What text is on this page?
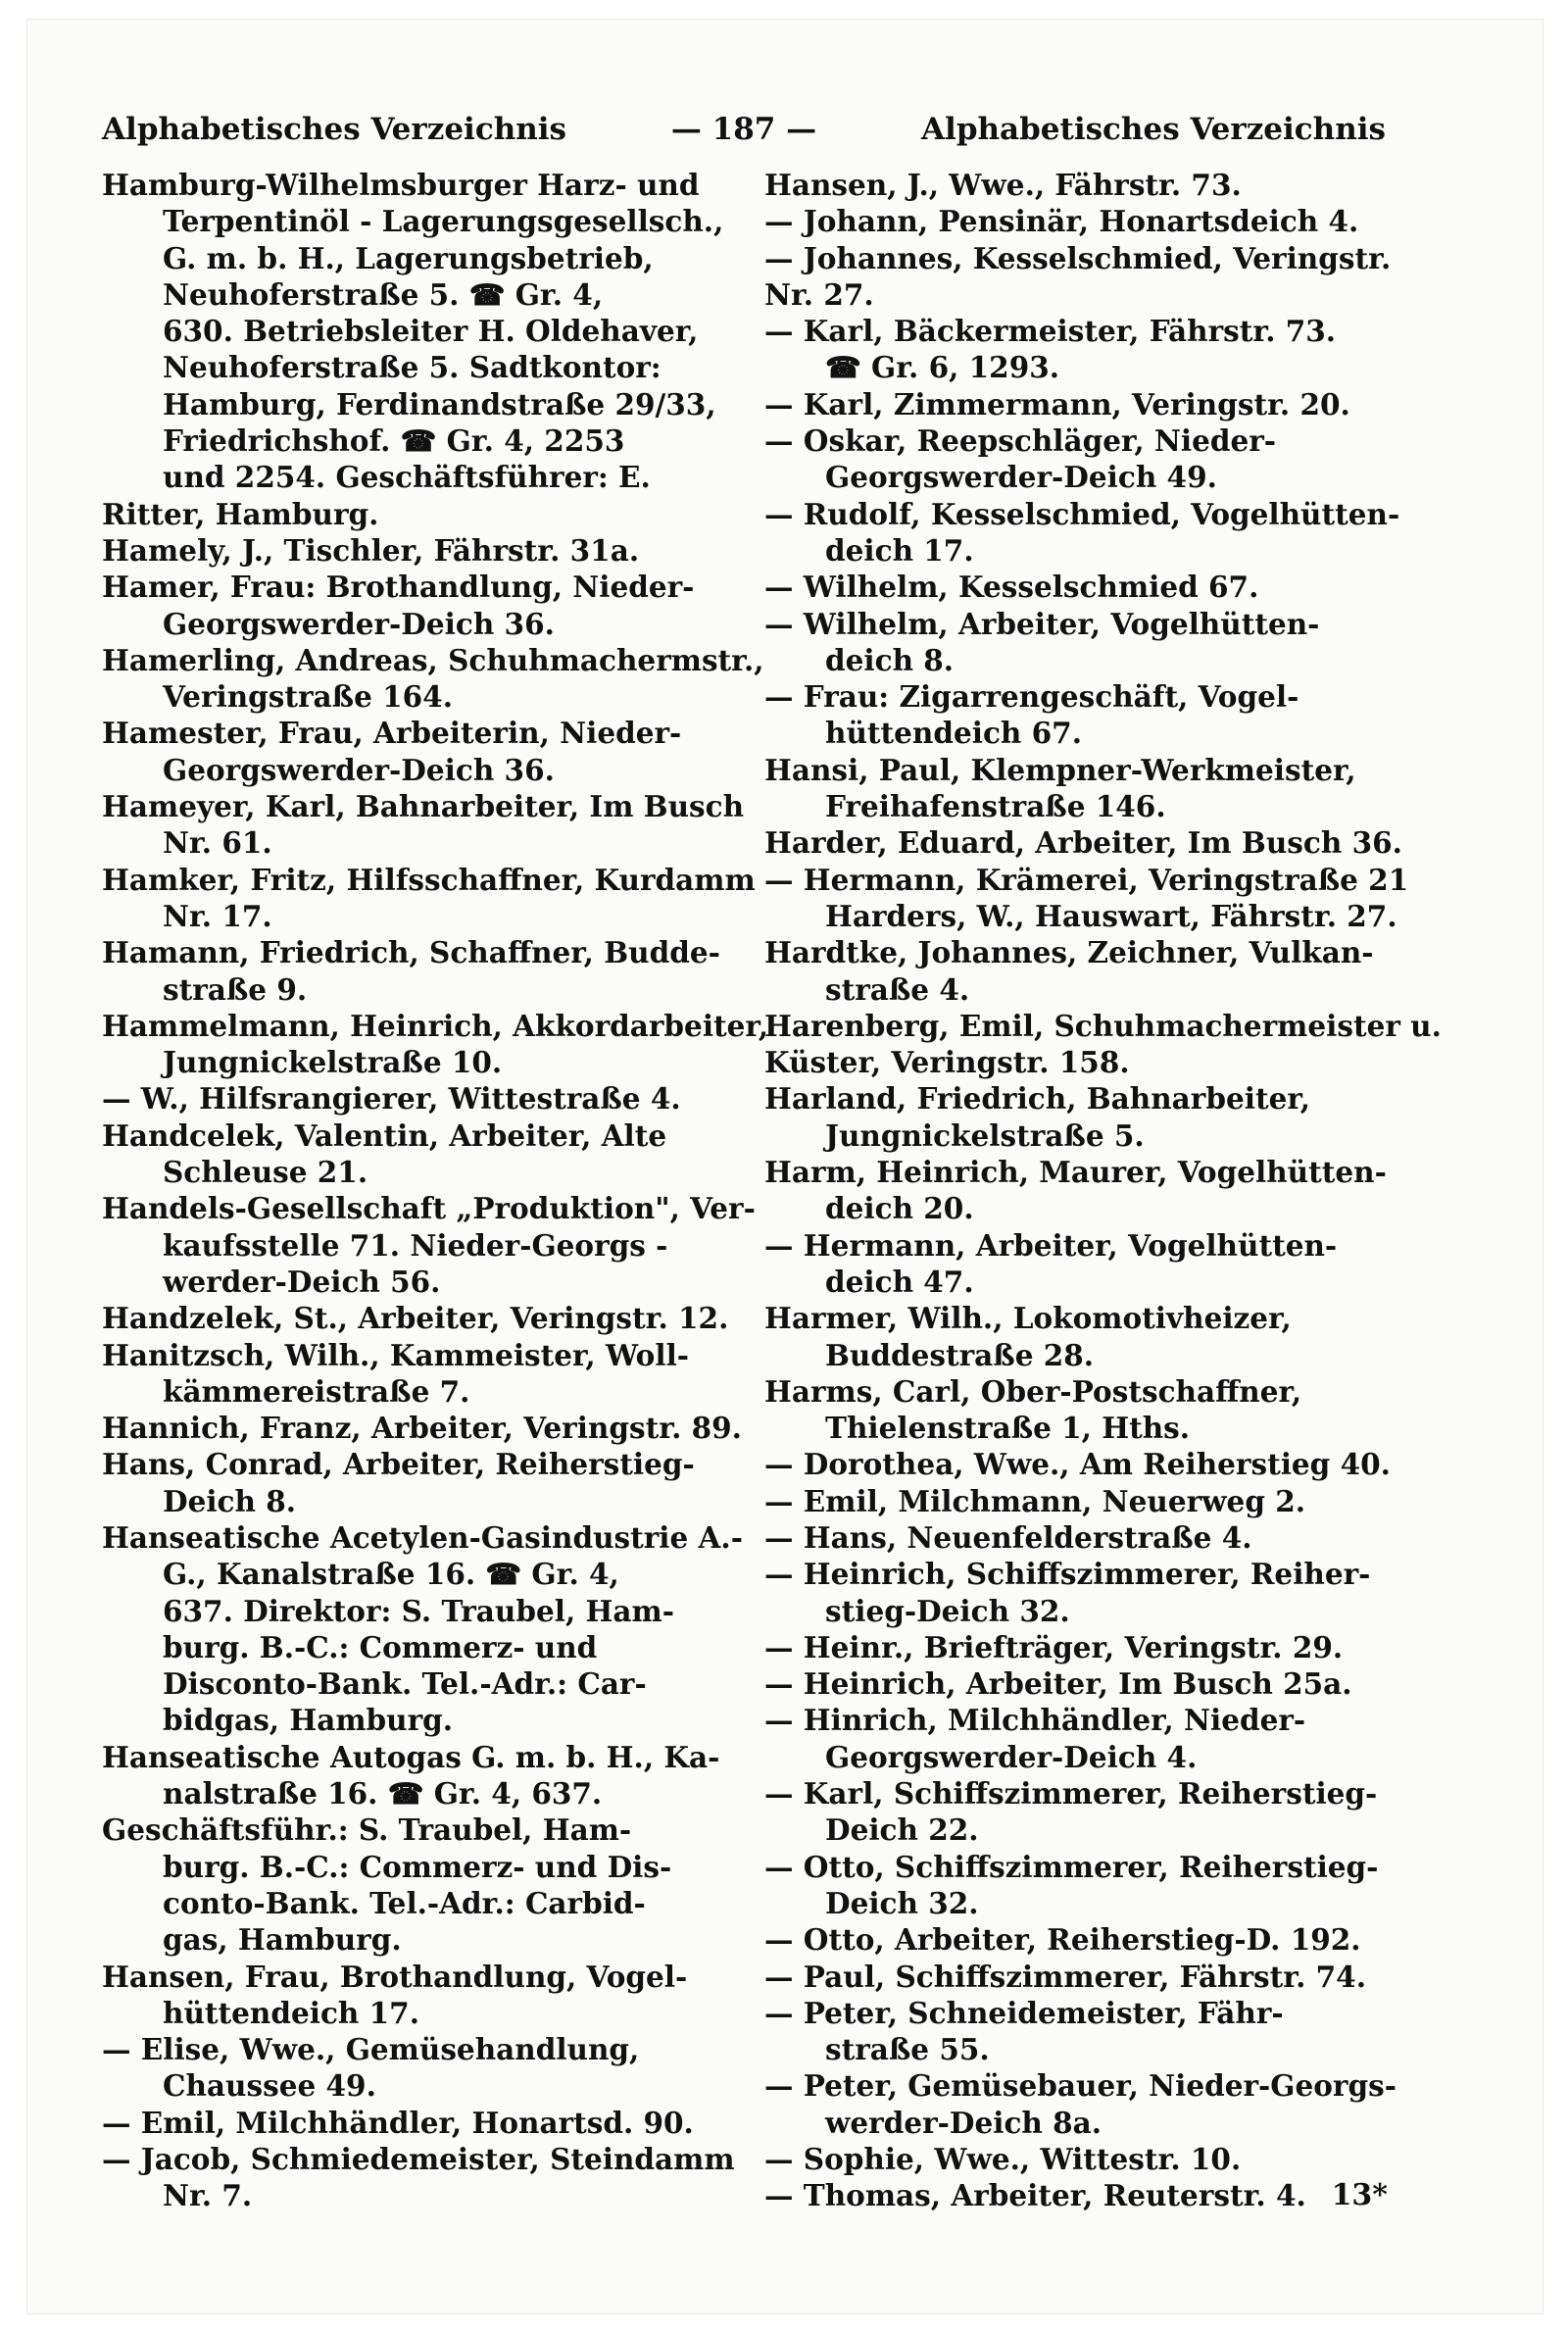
Alphabetisches Verzeichnis	— 187 —	Alphabetisches Verzeichnis

Hamburg-Wilhelmsburger Harz- und

Terpentinöl - Lagerungsgesellsch.,

G. m. b. H., Lagerungsbetrieb,

Neuhoferstraße 5. ☎ Gr. 4,

630. Betriebsleiter H. Oldehaver,

Neuhoferstraße 5. Sadtkontor:

Hamburg, Ferdinandstraße 29/33,

Friedrichshof. ☎ Gr. 4, 2253

und 2254. Geschäftsführer: E.

Ritter, Hamburg.

Hamely, J., Tischler, Fährstr. 31a.

Hamer, Frau: Brothandlung, Nieder-

Georgswerder-Deich 36.

Hamerling, Andreas, Schuhmachermstr.,

Veringstraße 164.

Hamester, Frau, Arbeiterin, Nieder-

Georgswerder-Deich 36.

Hameyer, Karl, Bahnarbeiter, Im Busch

Nr. 61.

Hamker, Fritz, Hilfsschaffner, Kurdamm

Nr. 17.

Hamann, Friedrich, Schaffner, Budde-

straße 9.

Hammelmann, Heinrich, Akkordarbeiter,

Jungnickelstraße 10.

— W., Hilfsrangierer, Wittestraße 4.

Handcelek, Valentin, Arbeiter, Alte

Schleuse 21.

Handels-Gesellschaft „Produktion", Ver-

kaufsstelle 71. Nieder-Georgs -

werder-Deich 56.

Handzelek, St., Arbeiter, Veringstr. 12.

Hanitzsch, Wilh., Kammeister, Woll-

kämmereistraße 7.

Hannich, Franz, Arbeiter, Veringstr. 89.

Hans, Conrad, Arbeiter, Reiherstieg-

Deich 8.

Hanseatische Acetylen-Gasindustrie A.-

G., Kanalstraße 16. ☎ Gr. 4,

637. Direktor: S. Traubel, Ham-

burg. B.-C.: Commerz- und

Disconto-Bank. Tel.-Adr.: Car-

bidgas, Hamburg.

Hanseatische Autogas G. m. b. H., Ka-

nalstraße 16. ☎ Gr. 4, 637.

Geschäftsführ.: S. Traubel, Ham-

burg. B.-C.: Commerz- und Dis-

conto-Bank. Tel.-Adr.: Carbid-

gas, Hamburg.

Hansen, Frau, Brothandlung, Vogel-

hüttendeich 17.

— Elise, Wwe., Gemüsehandlung,

Chaussee 49.

— Emil, Milchhändler, Honartsd. 90.

— Jacob, Schmiedemeister, Steindamm

Nr. 7.

Hansen, J., Wwe., Fährstr. 73.

— Johann, Pensinär, Honartsdeich 4.

— Johannes, Kesselschmied, Veringstr.

Nr. 27.

— Karl, Bäckermeister, Fährstr. 73.

☎ Gr. 6, 1293.

— Karl, Zimmermann, Veringstr. 20.

— Oskar, Reepschläger, Nieder-

Georgswerder-Deich 49.

— Rudolf, Kesselschmied, Vogelhütten-

deich 17.

— Wilhelm, Kesselschmied 67.

— Wilhelm, Arbeiter, Vogelhütten-

deich 8.

— Frau: Zigarrengeschäft, Vogel-

hüttendeich 67.

Hansi, Paul, Klempner-Werkmeister,

Freihafenstraße 146.

Harder, Eduard, Arbeiter, Im Busch 36.

— Hermann, Krämerei, Veringstraße 21

Harders, W., Hauswart, Fährstr. 27.

Hardtke, Johannes, Zeichner, Vulkan-

straße 4.

Harenberg, Emil, Schuhmachermeister u.

Küster, Veringstr. 158.

Harland, Friedrich, Bahnarbeiter,

Jungnickelstraße 5.

Harm, Heinrich, Maurer, Vogelhütten-

deich 20.

— Hermann, Arbeiter, Vogelhütten-

deich 47.

Harmer, Wilh., Lokomotivheizer,

Buddestraße 28.

Harms, Carl, Ober-Postschaffner,

Thielenstraße 1, Hths.

— Dorothea, Wwe., Am Reiherstieg 40.

— Emil, Milchmann, Neuerweg 2.

— Hans, Neuenfelderstraße 4.

— Heinrich, Schiffszimmerer, Reiher-

stieg-Deich 32.

— Heinr., Briefträger, Veringstr. 29.

— Heinrich, Arbeiter, Im Busch 25a.

— Hinrich, Milchhändler, Nieder-

Georgswerder-Deich 4.

— Karl, Schiffszimmerer, Reiherstieg-

Deich 22.

— Otto, Schiffszimmerer, Reiherstieg-

Deich 32.

— Otto, Arbeiter, Reiherstieg-D. 192.

— Paul, Schiffszimmerer, Fährstr. 74.

— Peter, Schneidemeister, Fähr-

straße 55.

— Peter, Gemüsebauer, Nieder-Georgs-

werder-Deich 8a.

— Sophie, Wwe., Wittestr. 10.

— Thomas, Arbeiter, Reuterstr. 4. 13*
